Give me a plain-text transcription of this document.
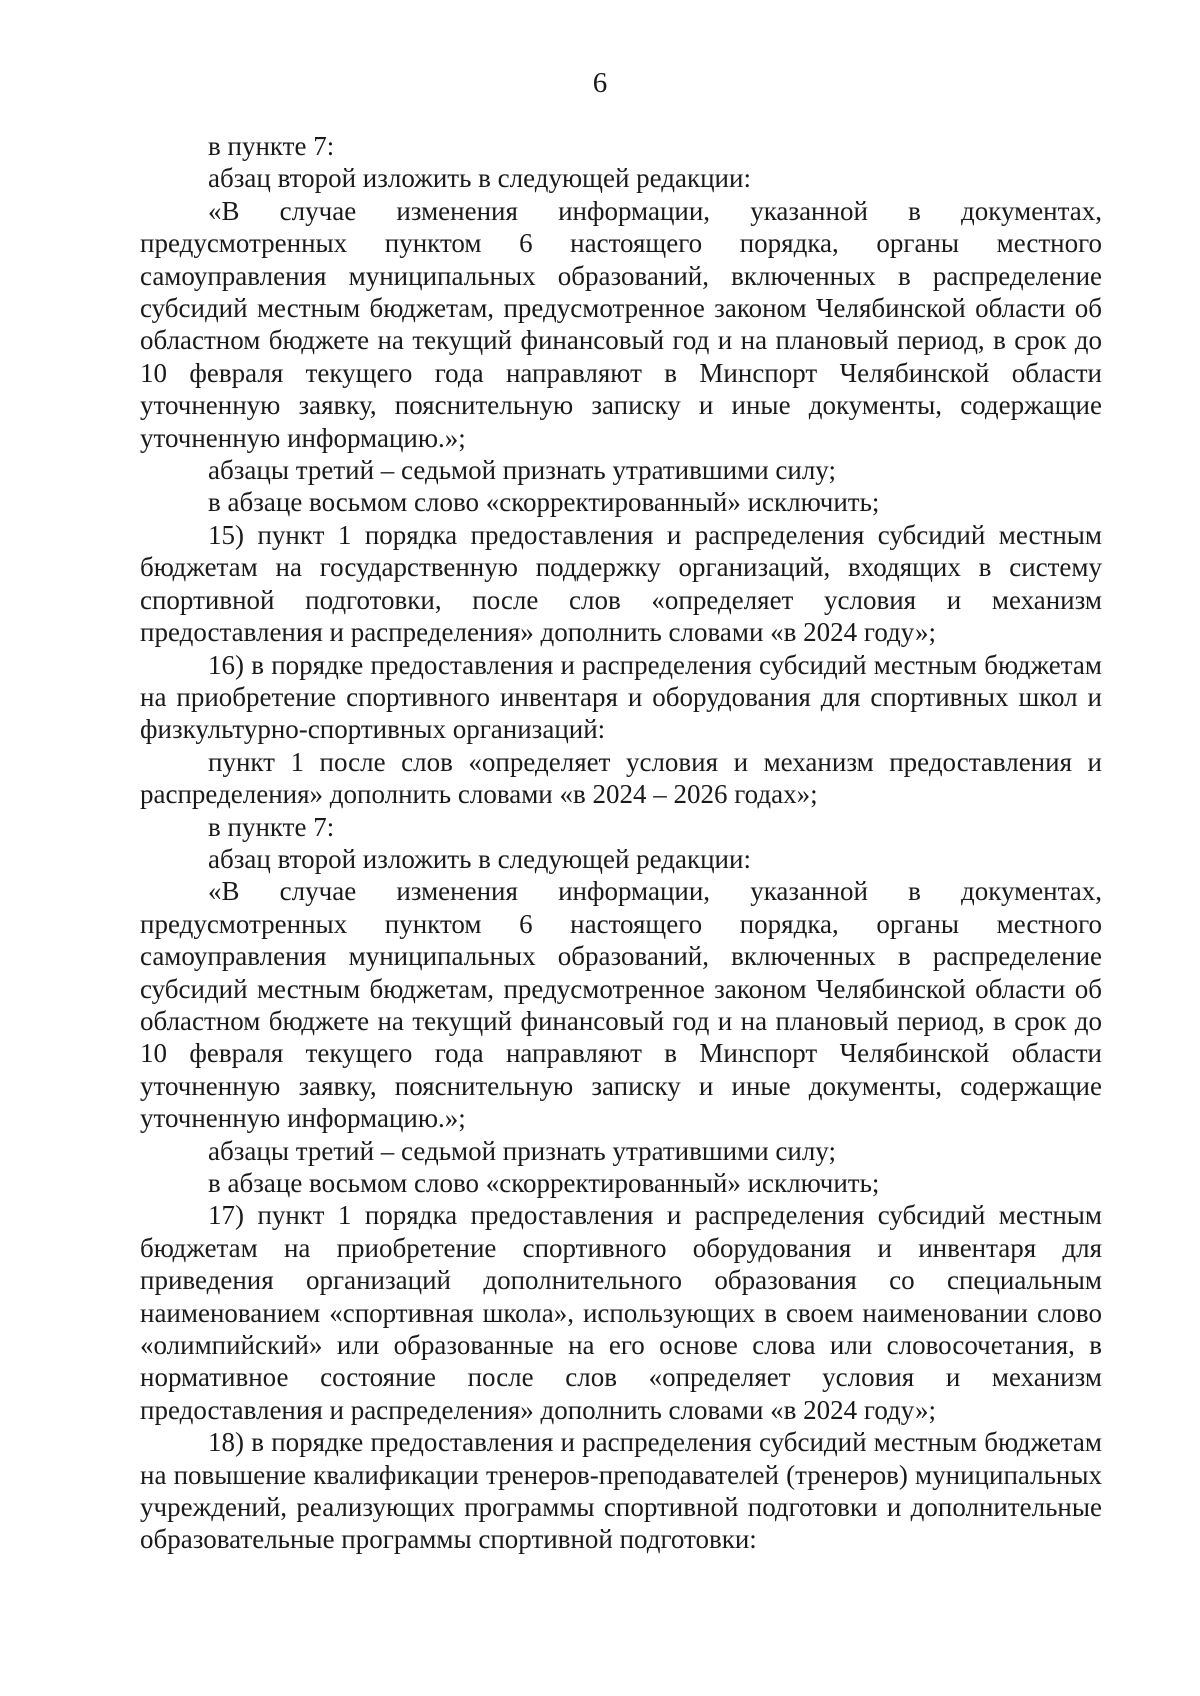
6

в пункте 7:

абзац второй изложить в следующей редакции:

«В случае изменения информации, указанной в документах, предусмотренных пунктом 6 настоящего порядка, органы местного самоуправления муниципальных образований, включенных в распределение субсидий местным бюджетам, предусмотренное законом Челябинской области об областном бюджете на текущий финансовый год и на плановый период, в срок до 10 февраля текущего года направляют в Минспорт Челябинской области уточненную заявку, пояснительную записку и иные документы, содержащие уточненную информацию.»;

абзацы третий – седьмой признать утратившими силу;

в абзаце восьмом слово «скорректированный» исключить;

15) пункт 1 порядка предоставления и распределения субсидий местным бюджетам на государственную поддержку организаций, входящих в систему спортивной подготовки, после слов «определяет условия и механизм предоставления и распределения» дополнить словами «в 2024 году»;

16) в порядке предоставления и распределения субсидий местным бюджетам на приобретение спортивного инвентаря и оборудования для спортивных школ и физкультурно-спортивных организаций:

пункт 1 после слов «определяет условия и механизм предоставления и распределения» дополнить словами «в 2024 – 2026 годах»;

в пункте 7:

абзац второй изложить в следующей редакции:

«В случае изменения информации, указанной в документах, предусмотренных пунктом 6 настоящего порядка, органы местного самоуправления муниципальных образований, включенных в распределение субсидий местным бюджетам, предусмотренное законом Челябинской области об областном бюджете на текущий финансовый год и на плановый период, в срок до 10 февраля текущего года направляют в Минспорт Челябинской области уточненную заявку, пояснительную записку и иные документы, содержащие уточненную информацию.»;

абзацы третий – седьмой признать утратившими силу;

в абзаце восьмом слово «скорректированный» исключить;

17) пункт 1 порядка предоставления и распределения субсидий местным бюджетам на приобретение спортивного оборудования и инвентаря для приведения организаций дополнительного образования со специальным наименованием «спортивная школа», использующих в своем наименовании слово «олимпийский» или образованные на его основе слова или словосочетания, в нормативное состояние после слов «определяет условия и механизм предоставления и распределения» дополнить словами «в 2024 году»;

18) в порядке предоставления и распределения субсидий местным бюджетам на повышение квалификации тренеров-преподавателей (тренеров) муниципальных учреждений, реализующих программы спортивной подготовки и дополнительные образовательные программы спортивной подготовки:
